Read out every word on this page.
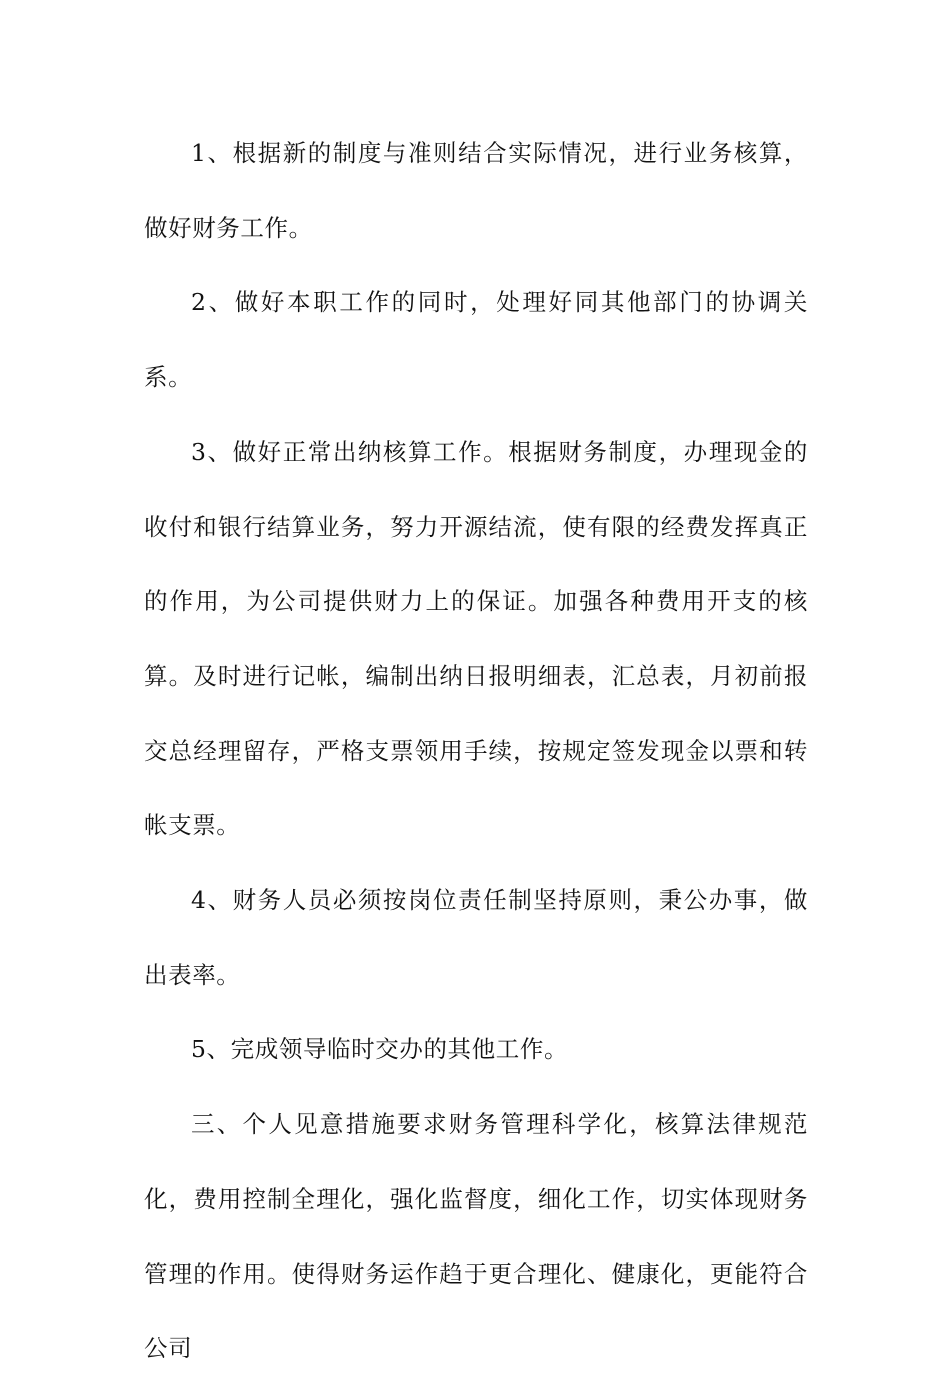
1、根据新的制度与准则结合实际情况，进行业务核算，做好财务工作。

2、做好本职工作的同时，处理好同其他部门的协调关系。

3、做好正常出纳核算工作。根据财务制度，办理现金的收付和银行结算业务，努力开源结流，使有限的经费发挥真正的作用，为公司提供财力上的保证。加强各种费用开支的核算。及时进行记帐，编制出纳日报明细表，汇总表，月初前报交总经理留存，严格支票领用手续，按规定签发现金以票和转帐支票。

4、财务人员必须按岗位责任制坚持原则，秉公办事，做出表率。

5、完成领导临时交办的其他工作。

三、个人见意措施要求财务管理科学化，核算法律规范化，费用控制全理化，强化监督度，细化工作，切实体现财务管理的作用。使得财务运作趋于更合理化、健康化，更能符合公司
